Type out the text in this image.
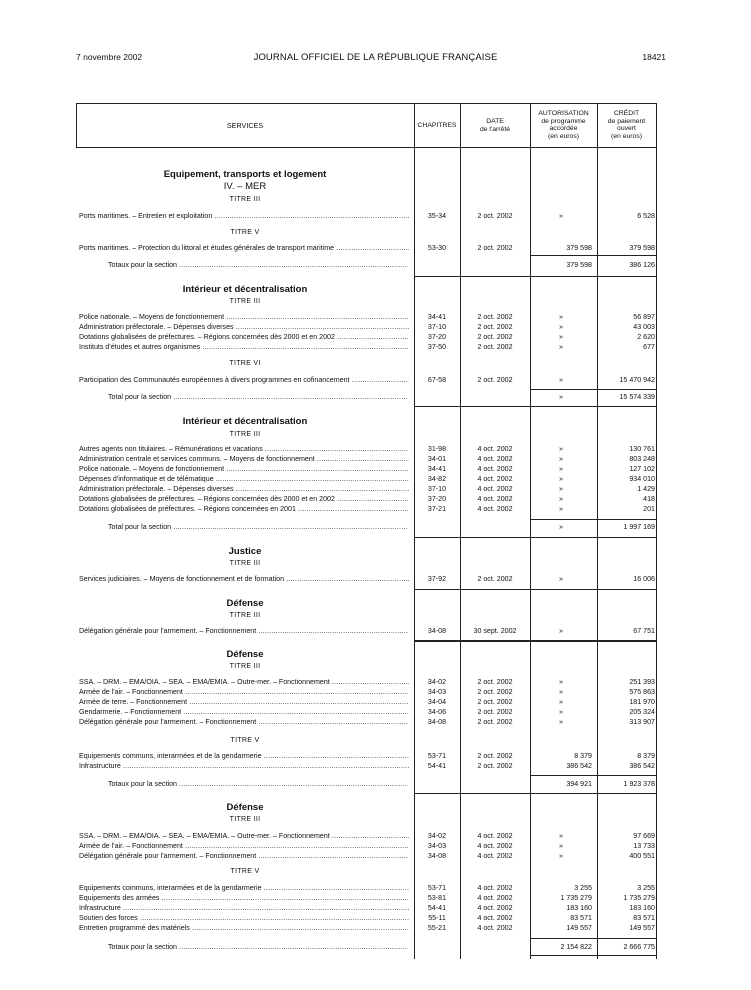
7 novembre 2002	JOURNAL OFFICIEL DE LA RÉPUBLIQUE FRANÇAISE	18421
SERVICES	CHAPITRES
DATE
de l'arrêté
AUTORISATION
de programme
accordée
(en euros)
CRÉDIT
de paiement
ouvert
(en euros)
Equipement, transports et logement
IV. – MER
TITRE III
TITRE V
Intérieur et décentralisation
TITRE III
TITRE VI
Intérieur et décentralisation
TITRE III
Justice
TITRE III
Défense
TITRE III
Défense
TITRE III
TITRE V
Défense
TITRE III
TITRE V
Ports maritimes. – Entretien et exploitation .....	35-34	2 oct. 2002	»	6 528
Ports maritimes. – Protection du littoral et études générales de transport maritime .....	53-30	2 oct. 2002	379 598	379 598
Totaux pour la section .....	379 598	386 126
Police nationale. – Moyens de fonctionnement .....	34-41	2 oct. 2002	»	56 897
Administration préfectorale. – Dépenses diverses .....	37-10	2 oct. 2002	»	43 003
Dotations globalisées de préfectures. – Régions concernées dès 2000 et en 2002 .....	37-20	2 oct. 2002	»	2 620
Instituts d'études et autres organismes .....	37-50	2 oct. 2002	»	677
Participation des Communautés européennes à divers programmes en cofinancement .....	67-58	2 oct. 2002	»	15 470 942
Total pour la section .....	»	15 574 339
Autres agents non titulaires. – Rémunérations et vacations .....	31-98	4 oct. 2002	»	130 761
Administration centrale et services communs. – Moyens de fonctionnement .....	34-01	4 oct. 2002	»	803 248
Police nationale. – Moyens de fonctionnement .....	34-41	4 oct. 2002	»	127 102
Dépenses d'informatique et de télématique .....	34-82	4 oct. 2002	»	934 010
Administration préfectorale. – Dépenses diverses .....	37-10	4 oct. 2002	»	1 429
Dotations globalisées de préfectures. – Régions concernées dès 2000 et en 2002 .....	37-20	4 oct. 2002	»	418
Dotations globalisées de préfectures. – Régions concernées en 2001 .....	37-21	4 oct. 2002	»	201
Total pour la section .....	»	1 997 169
Services judiciaires. – Moyens de fonctionnement et de formation .....	37-92	2 oct. 2002	»	16 006
Délégation générale pour l'armement. – Fonctionnement .....	34-08	30 sept. 2002	»	67 751
SSA. – DRM. – EMA/OIA. – SEA. – EMA/EMIA. – Outre-mer. – Fonctionnement .....	34-02	2 oct. 2002	»	251 393
Armée de l'air. – Fonctionnement .....	34-03	2 oct. 2002	»	575 863
Armée de terre. – Fonctionnement .....	34-04	2 oct. 2002	»	181 970
Gendarmerie. – Fonctionnement .....	34-06	2 oct. 2002	»	205 324
Délégation générale pour l'armement. – Fonctionnement .....	34-08	2 oct. 2002	»	313 907
Equipements communs, interarmées et de la gendarmerie .....	53-71	2 oct. 2002	8 379	8 379
Infrastructure .....	54-41	2 oct. 2002	386 542	386 542
Totaux pour la section .....	394 921	1 923 378
SSA. – DRM. – EMA/OIA. – SEA. – EMA/EMIA. – Outre-mer. – Fonctionnement .....	34-02	4 oct. 2002	»	97 669
Armée de l'air. – Fonctionnement .....	34-03	4 oct. 2002	»	13 733
Délégation générale pour l'armement. – Fonctionnement .....	34-08	4 oct. 2002	»	400 551
Equipements communs, interarmées et de la gendarmerie .....	53-71	4 oct. 2002	3 255	3 255
Equipements des armées .....	53-81	4 oct. 2002	1 735 279	1 735 279
Infrastructure .....	54-41	4 oct. 2002	183 160	183 160
Soutien des forces .....	55-11	4 oct. 2002	83 571	83 571
Entretien programmé des matériels .....	55-21	4 oct. 2002	149 557	149 557
Totaux pour la section .....	2 154 822	2 666 775
